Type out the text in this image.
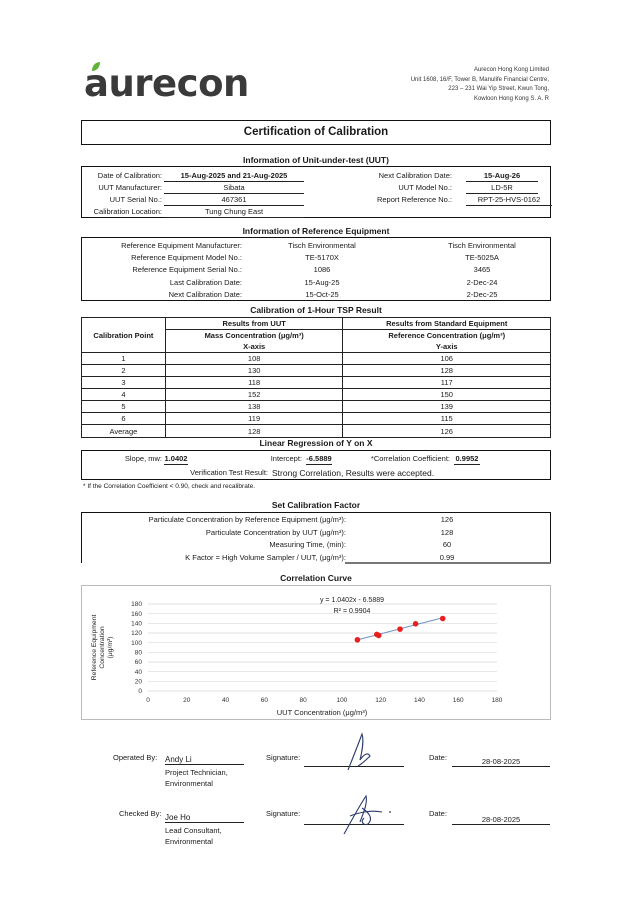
aurecon	Aurecon Hong Kong Limited
Unit 1608, 16/F, Tower B, Manulife Financial Centre,
223 – 231 Wai Yip Street, Kwun Tong,
Kowloon Hong Kong S. A. R
Certification of Calibration
Information of Unit-under-test (UUT)
Date of Calibration:	15-Aug-2025 and 21-Aug-2025	Next Calibration Date:	15-Aug-26
UUT Manufacturer:	Sibata	UUT Model No.:	LD-5R
UUT Serial No.:	467361	Report Reference No.:	RPT-25-HVS-0162
Calibration Location:	Tung Chung East
Information of Reference Equipment
Reference Equipment Manufacturer:	Tisch Environmental	Tisch Environmental
Reference Equipment Model No.:	TE-5170X	TE-5025A
Reference Equipment Serial No.:	1086	3465
Last Calibration Date:	15-Aug-25	2-Dec-24
Next Calibration Date:	15-Oct-25	2-Dec-25
Calibration of 1-Hour TSP Result
Calibration Point	Results from UUT	Results from Standard Equipment
	Mass Concentration (μg/m³)	Reference Concentration (μg/m³)
	X-axis	Y-axis
1	108	106
2	130	128
3	118	117
4	152	150
5	138	139
6	119	115
Average	128	126
Linear Regression of Y on X
Slope, mw: 1.0402	Intercept: -6.5889	*Correlation Coefficient: 0.9952
Verification Test Result: Strong Correlation, Results were accepted.
* If the Correlation Coefficient < 0.90, check and recalibrate.
Set Calibration Factor
Particulate Concentration by Reference Equipment (μg/m³):	126
Particulate Concentration by UUT (μg/m³):	128
Measuring Time, (min):	60
K Factor = High Volume Sampler / UUT, (μg/m³):	0.99
Correlation Curve
0
20
40
60
80
100
120
140
160
180
0	20	40	60	80	100	120	140	160	180
y = 1.0402x - 6.5889
R² = 0.9904
UUT Concentration (μg/m³)
Reference Equipment Concentration (μg/m³)
Operated By: Andy Li
Project Technician,
Environmental
Signature:	Date:	28-08-2025
Checked By: Joe Ho
Lead Consultant,
Environmental
Signature:	Date:
28-08-2025
